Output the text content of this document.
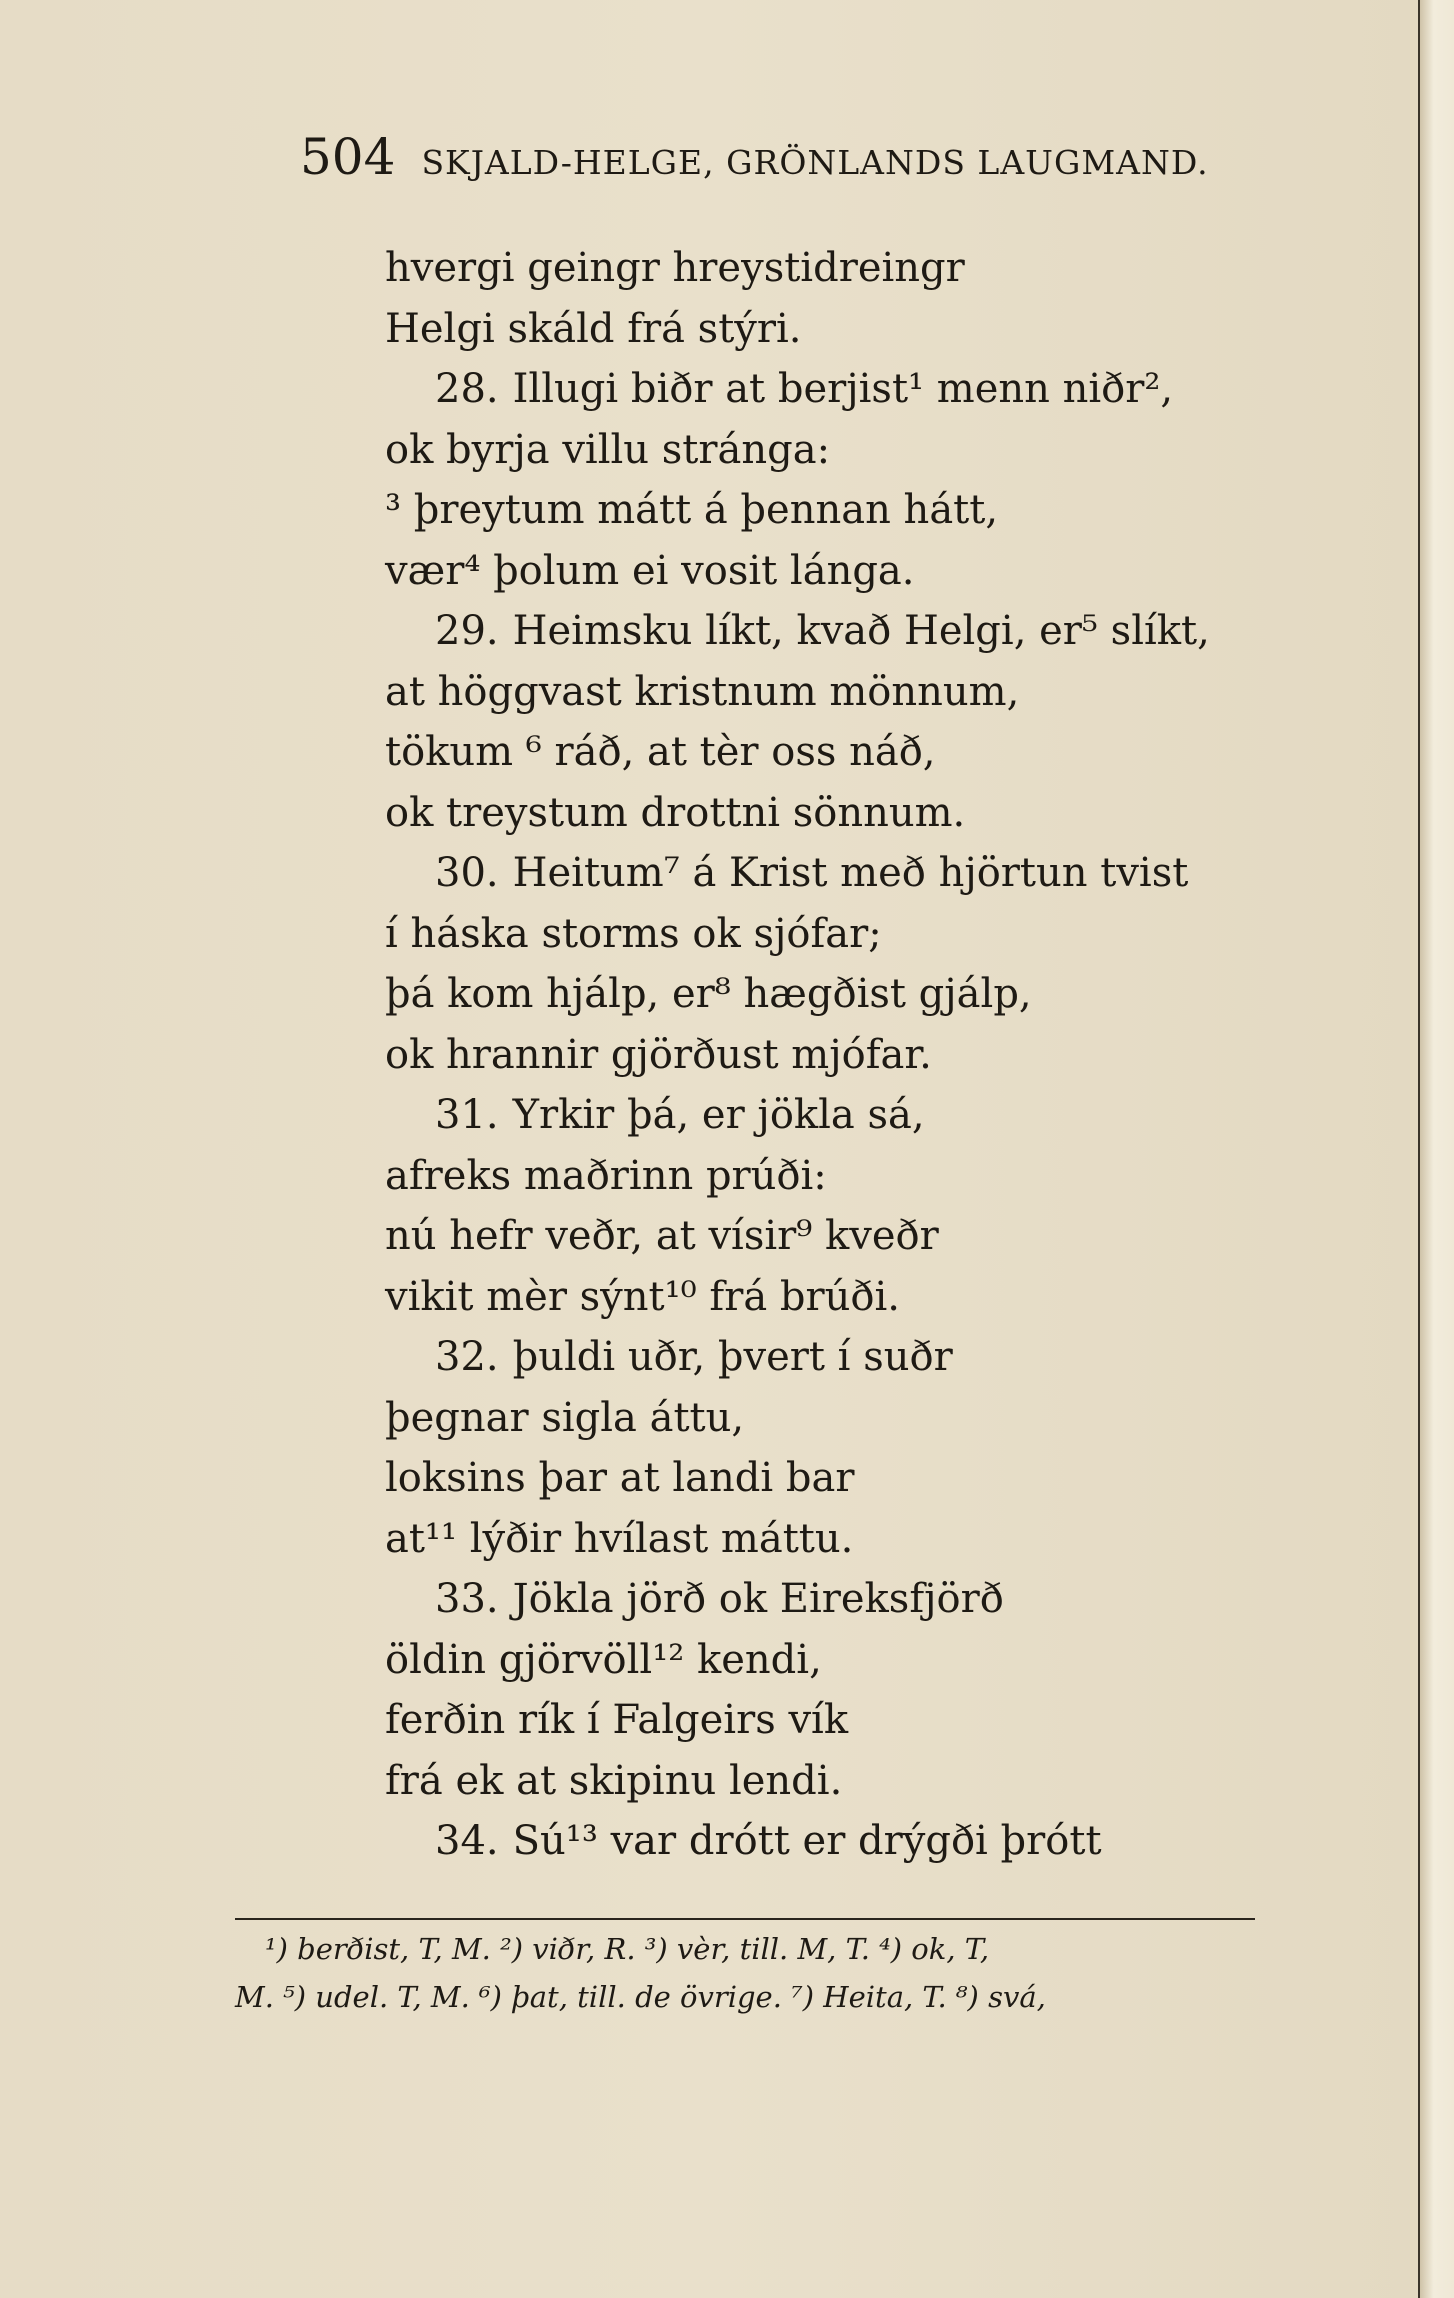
504 SKJALD-HELGE, GRÖNLANDS LAUGMAND.
hvergi geingr hreystidreingr
Helgi skáld frá stýri.
28. Illugi biðr at berjist¹ menn niðr²,
ok byrja villu stránga:
³ þreytum mátt á þennan hátt,
vær⁴ þolum ei vosit lánga.
29. Heimsku líkt, kvað Helgi, er⁵ slíkt,
at höggvast kristnum mönnum,
tökum ⁶ ráð, at tèr oss náð,
ok treystum drottni sönnum.
30. Heitum⁷ á Krist með hjörtun tvist
í háska storms ok sjófar;
þá kom hjálp, er⁸ hægðist gjálp,
ok hrannir gjörðust mjófar.
31. Yrkir þá, er jökla sá,
afreks maðrinn prúði:
nú hefr veðr, at vísir⁹ kveðr
vikit mèr sýnt¹⁰ frá brúði.
32. þuldi uðr, þvert í suðr
þegnar sigla áttu,
loksins þar at landi bar
at¹¹ lýðir hvílast máttu.
33. Jökla jörð ok Eireksfjörð
öldin gjörvöll¹² kendi,
ferðin rík í Falgeirs vík
frá ek at skipinu lendi.
34. Sú¹³ var drótt er drýgði þrótt
¹) berðist, T, M. ²) viðr, R. ³) vèr, till. M, T. ⁴) ok, T,
M. ⁵) udel. T, M. ⁶) þat, till. de övrige. ⁷) Heita, T. ⁸) svá,
